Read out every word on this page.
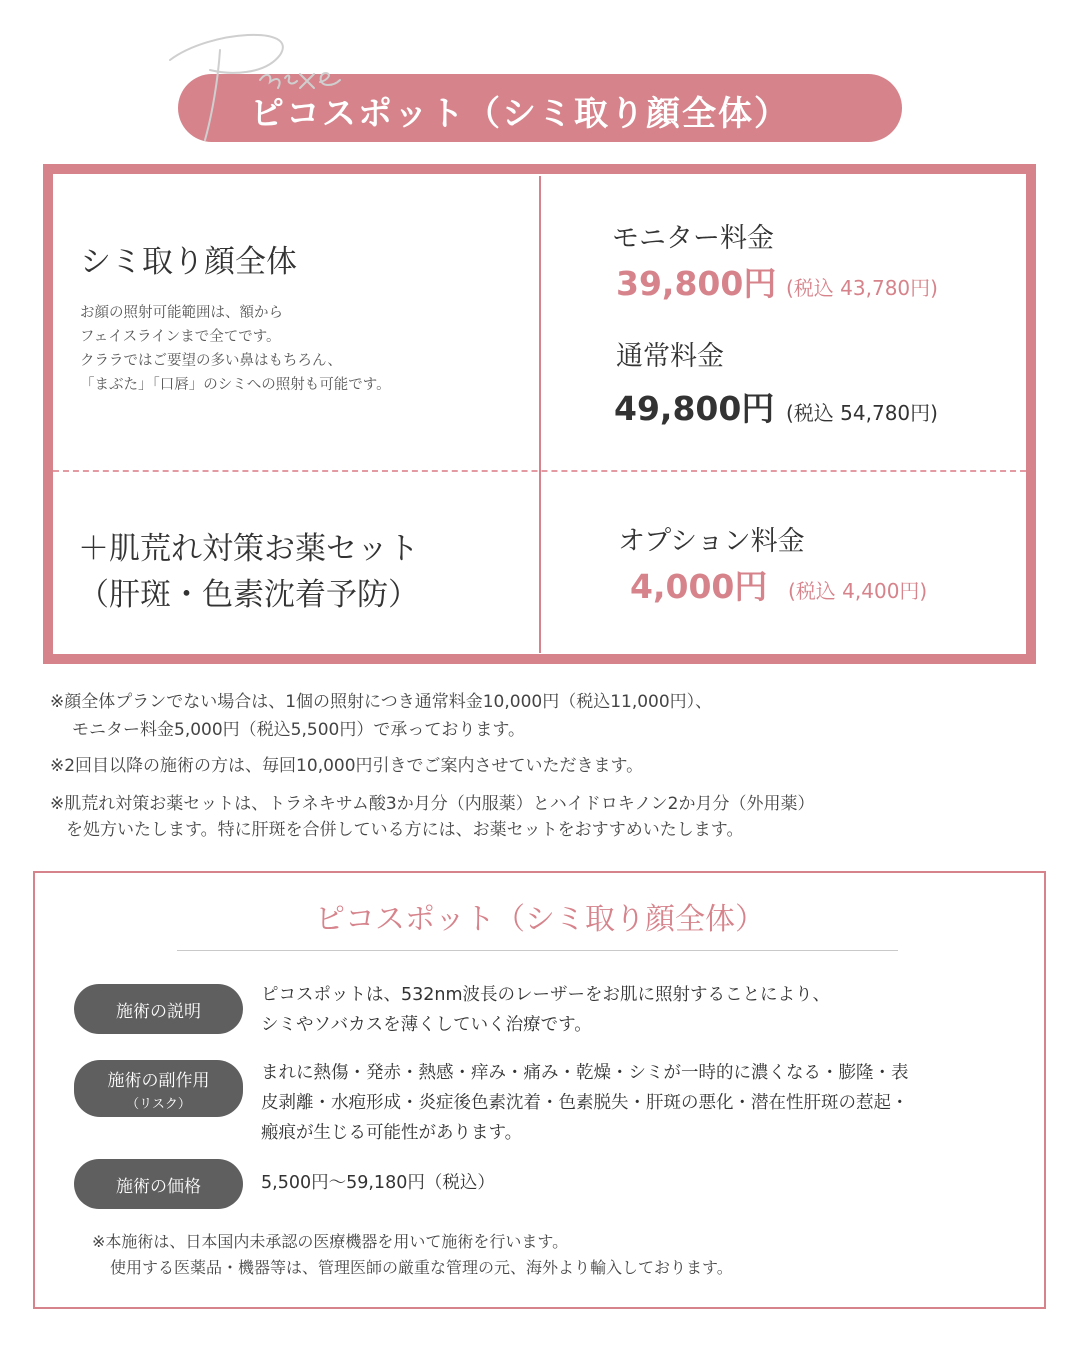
ピコスポット（シミ取り顔全体）
シミ取り顔全体
お顔の照射可能範囲は、額から
フェイスラインまで全てです。
クララではご要望の多い鼻はもちろん、
「まぶた」「口唇」のシミへの照射も可能です。
モニター料金
39,800円 (税込 43,780円)
通常料金
49,800円 (税込 54,780円)
＋肌荒れ対策お薬セット
（肝斑・色素沈着予防）
オプション料金
4,000円 (税込 4,400円)
※顔全体プランでない場合は、1個の照射につき通常料金10,000円（税込11,000円）、
モニター料金5,000円（税込5,500円）で承っております。
※2回目以降の施術の方は、毎回10,000円引きでご案内させていただきます。
※肌荒れ対策お薬セットは、トラネキサム酸3か月分（内服薬）とハイドロキノン2か月分（外用薬）
を処方いたします。特に肝斑を合併している方には、お薬セットをおすすめいたします。
ピコスポット（シミ取り顔全体）
施術の説明
ピコスポットは、532nm波長のレーザーをお肌に照射することにより、
シミやソバカスを薄くしていく治療です。
施術の副作用
（リスク）
まれに熱傷・発赤・熱感・痒み・痛み・乾燥・シミが一時的に濃くなる・膨隆・表
皮剥離・水疱形成・炎症後色素沈着・色素脱失・肝斑の悪化・潜在性肝斑の惹起・
瘢痕が生じる可能性があります。
施術の価格	5,500円〜59,180円（税込）
※本施術は、日本国内未承認の医療機器を用いて施術を行います。
使用する医薬品・機器等は、管理医師の厳重な管理の元、海外より輸入しております。
